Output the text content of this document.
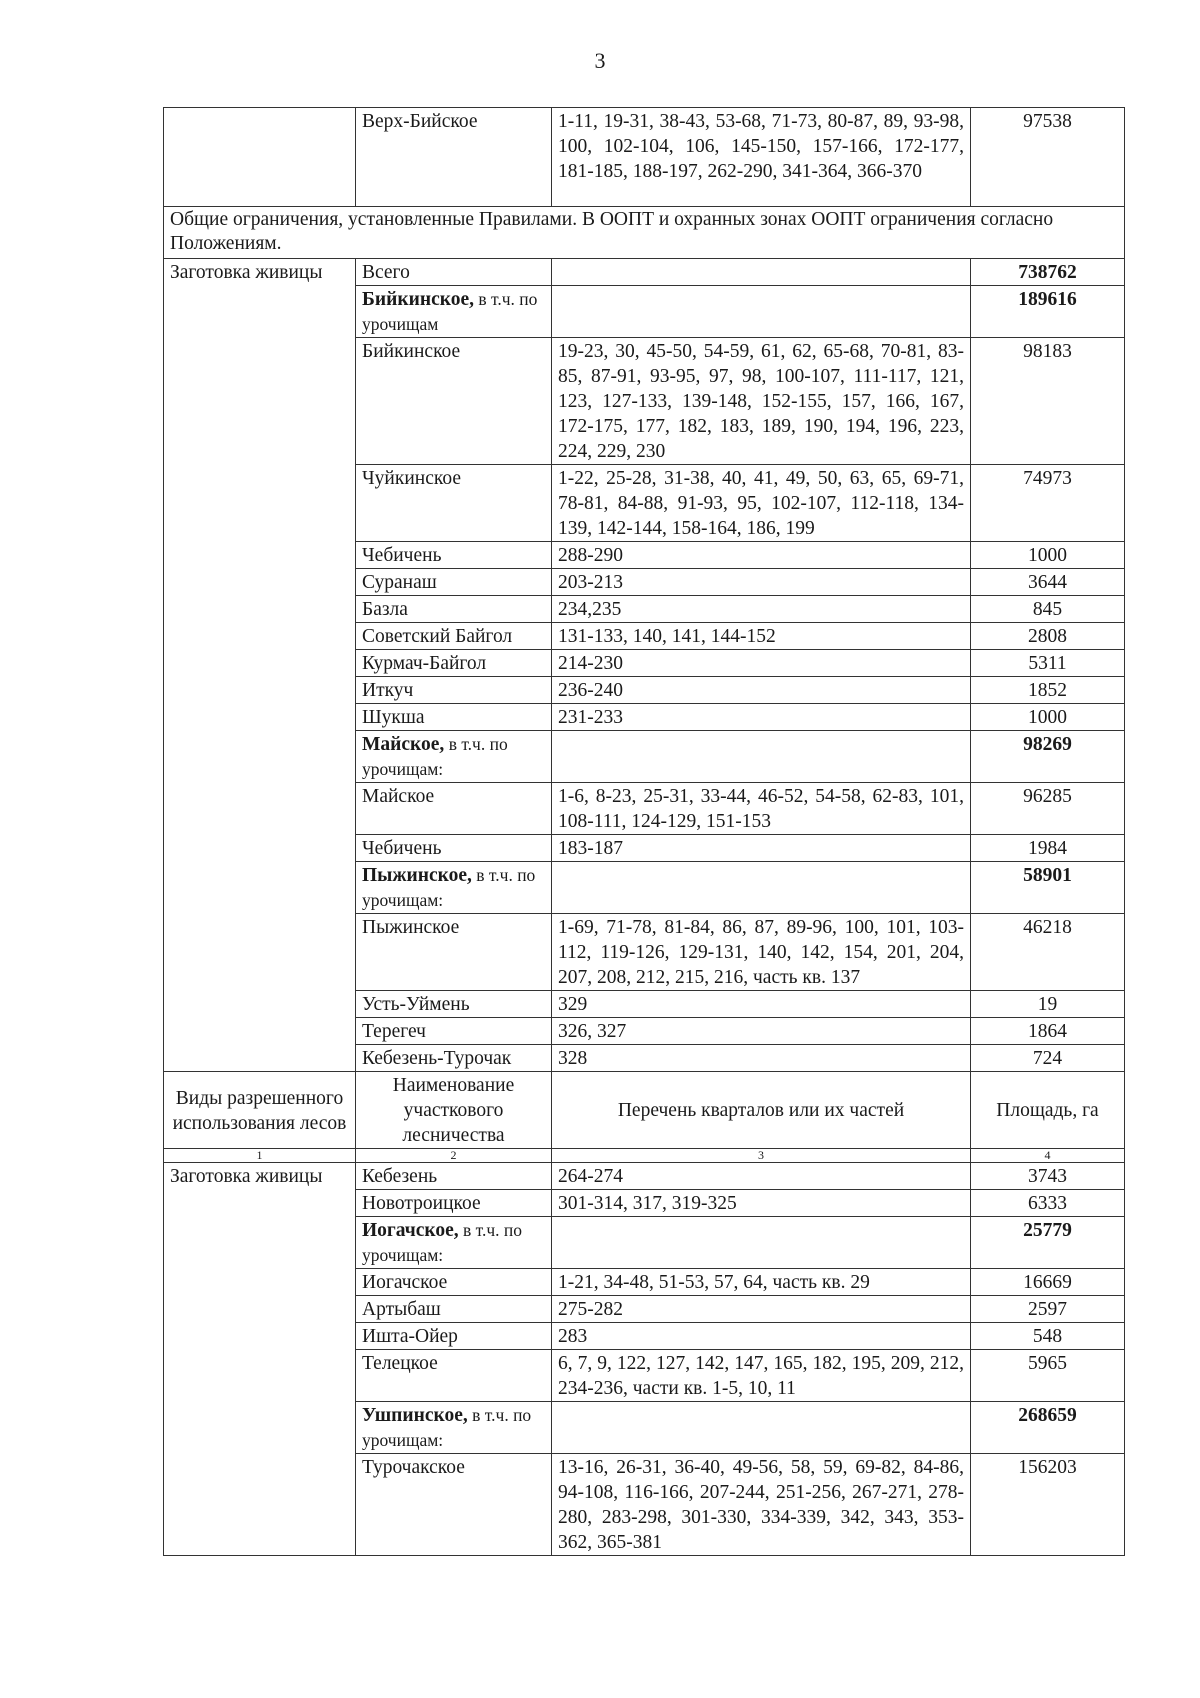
3
	Верх-Бийское	1-11, 19-31, 38-43, 53-68, 71-73, 80-87, 89, 93-98, 100, 102-104, 106, 145-150, 157-166, 172-177, 181-185, 188-197, 262-290, 341-364, 366-370	97538
Общие ограничения, установленные Правилами. В ООПТ и охранных зонах ООПТ ограничения согласно Положениям.			
Заготовка живицы	Всего		738762
	Бийкинское, в т.ч. по урочищам		189616
	Бийкинское	19-23, 30, 45-50, 54-59, 61, 62, 65-68, 70-81, 83-85, 87-91, 93-95, 97, 98, 100-107, 111-117, 121, 123, 127-133, 139-148, 152-155, 157, 166, 167, 172-175, 177, 182, 183, 189, 190, 194, 196, 223, 224, 229, 230	98183
	Чуйкинское	1-22, 25-28, 31-38, 40, 41, 49, 50, 63, 65, 69-71, 78-81, 84-88, 91-93, 95, 102-107, 112-118, 134-139, 142-144, 158-164, 186, 199	74973
	Чебичень	288-290	1000
	Суранаш	203-213	3644
	Базла	234,235	845
	Советский Байгол	131-133, 140, 141, 144-152	2808
	Курмач-Байгол	214-230	5311
	Иткуч	236-240	1852
	Шукша	231-233	1000
	Майское, в т.ч. по урочищам:		98269
	Майское	1-6, 8-23, 25-31, 33-44, 46-52, 54-58, 62-83, 101, 108-111, 124-129, 151-153	96285
	Чебичень	183-187	1984
	Пыжинское, в т.ч. по урочищам:		58901
	Пыжинское	1-69, 71-78, 81-84, 86, 87, 89-96, 100, 101, 103-112, 119-126, 129-131, 140, 142, 154, 201, 204, 207, 208, 212, 215, 216, часть кв. 137	46218
	Усть-Уймень	329	19
	Терегеч	326, 327	1864
	Кебезень-Турочак	328	724
Виды разрешенного использования лесов	Наименование участкового лесничества	Перечень кварталов или их частей	Площадь, га
1	2	3	4
Заготовка живицы	Кебезень	264-274	3743
	Новотроицкое	301-314, 317, 319-325	6333
	Иогачское, в т.ч. по урочищам:		25779
	Иогачское	1-21, 34-48, 51-53, 57, 64, часть кв. 29	16669
	Артыбаш	275-282	2597
	Ишта-Ойер	283	548
	Телецкое	6, 7, 9, 122, 127, 142, 147, 165, 182, 195, 209, 212, 234-236, части кв. 1-5, 10, 11	5965
	Ушпинское, в т.ч. по урочищам:		268659
	Турочакское	13-16, 26-31, 36-40, 49-56, 58, 59, 69-82, 84-86, 94-108, 116-166, 207-244, 251-256, 267-271, 278-280, 283-298, 301-330, 334-339, 342, 343, 353-362, 365-381	156203
